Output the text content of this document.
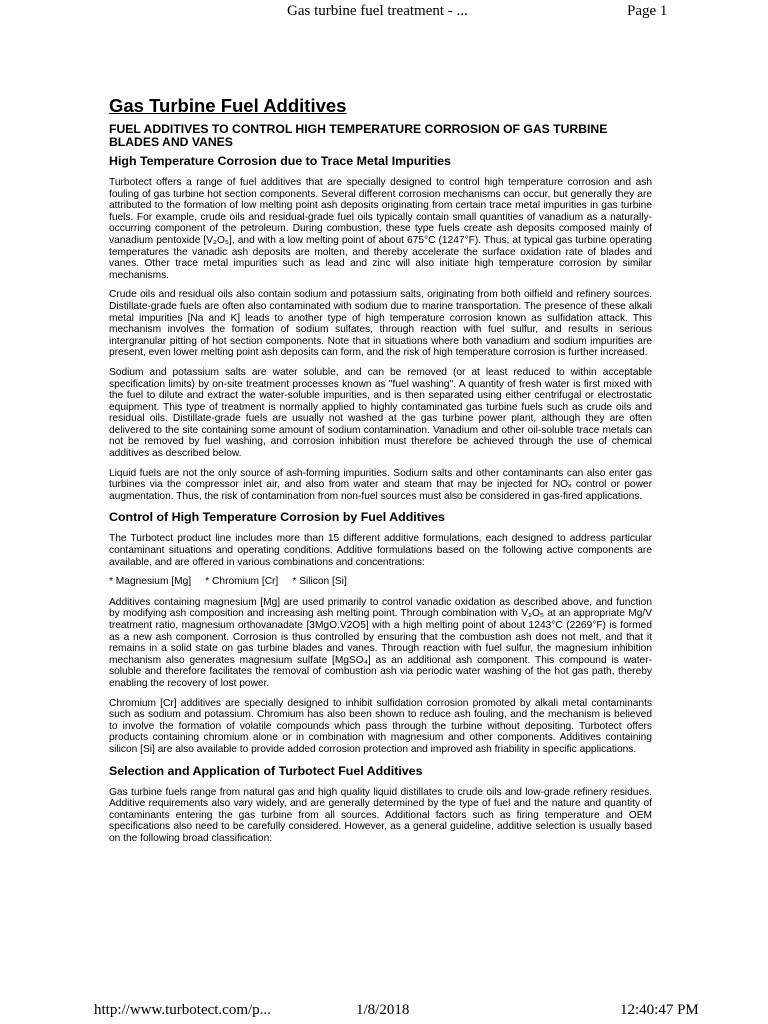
Gas turbine fuel treatment - ...	Page 1
Gas Turbine Fuel Additives
FUEL ADDITIVES TO CONTROL HIGH TEMPERATURE CORROSION OF GAS TURBINE BLADES AND VANES
High Temperature Corrosion due to Trace Metal Impurities

Turbotect offers a range of fuel additives that are specially designed to control high temperature corrosion and ash fouling of gas turbine hot section components. Several different corrosion mechanisms can occur, but generally they are attributed to the formation of low melting point ash deposits originating from certain trace metal impurities in gas turbine fuels. For example, crude oils and residual-grade fuel oils typically contain small quantities of vanadium as a naturally-occurring component of the petroleum. During combustion, these type fuels create ash deposits composed mainly of vanadium pentoxide [V₂O₅], and with a low melting point of about 675°C (1247°F). Thus, at typical gas turbine operating temperatures the vanadic ash deposits are molten, and thereby accelerate the surface oxidation rate of blades and vanes. Other trace metal impurities such as lead and zinc will also initiate high temperature corrosion by similar mechanisms.

Crude oils and residual oils also contain sodium and potassium salts, originating from both oilfield and refinery sources. Distillate-grade fuels are often also contaminated with sodium due to marine transportation. The presence of these alkali metal impurities [Na and K] leads to another type of high temperature corrosion known as sulfidation attack. This mechanism involves the formation of sodium sulfates, through reaction with fuel sulfur, and results in serious intergranular pitting of hot section components. Note that in situations where both vanadium and sodium impurities are present, even lower melting point ash deposits can form, and the risk of high temperature corrosion is further increased.

Sodium and potassium salts are water soluble, and can be removed (or at least reduced to within acceptable specification limits) by on-site treatment processes known as "fuel washing". A quantity of fresh water is first mixed with the fuel to dilute and extract the water-soluble impurities, and is then separated using either centrifugal or electrostatic equipment. This type of treatment is normally applied to highly contaminated gas turbine fuels such as crude oils and residual oils. Distillate-grade fuels are usually not washed at the gas turbine power plant, although they are often delivered to the site containing some amount of sodium contamination. Vanadium and other oil-soluble trace metals can not be removed by fuel washing, and corrosion inhibition must therefore be achieved through the use of chemical additives as described below.

Liquid fuels are not the only source of ash-forming impurities. Sodium salts and other contaminants can also enter gas turbines via the compressor inlet air, and also from water and steam that may be injected for NOₓ control or power augmentation. Thus, the risk of contamination from non-fuel sources must also be considered in gas-fired applications.

Control of High Temperature Corrosion by Fuel Additives

The Turbotect product line includes more than 15 different additive formulations, each designed to address particular contaminant situations and operating conditions. Additive formulations based on the following active components are available, and are offered in various combinations and concentrations:

* Magnesium [Mg]     * Chromium [Cr]     * Silicon [Si]

Additives containing magnesium [Mg] are used primarily to control vanadic oxidation as described above, and function by modifying ash composition and increasing ash melting point. Through combination with V₂O₅ at an appropriate Mg/V treatment ratio, magnesium orthovanadate [3MgO.V2O5] with a high melting point of about 1243°C (2269°F) is formed as a new ash component. Corrosion is thus controlled by ensuring that the combustion ash does not melt, and that it remains in a solid state on gas turbine blades and vanes. Through reaction with fuel sulfur, the magnesium inhibition mechanism also generates magnesium sulfate [MgSO₄] as an additional ash component. This compound is water-soluble and therefore facilitates the removal of combustion ash via periodic water washing of the hot gas path, thereby enabling the recovery of lost power.

Chromium [Cr] additives are specially designed to inhibit sulfidation corrosion promoted by alkali metal contaminants such as sodium and potassium. Chromium has also been shown to reduce ash fouling, and the mechanism is believed to involve the formation of volatile compounds which pass through the turbine without depositing. Turbotect offers products containing chromium alone or in combination with magnesium and other components. Additives containing silicon [Si] are also available to provide added corrosion protection and improved ash friability in specific applications.

Selection and Application of Turbotect Fuel Additives

Gas turbine fuels range from natural gas and high quality liquid distillates to crude oils and low-grade refinery residues. Additive requirements also vary widely, and are generally determined by the type of fuel and the nature and quantity of contaminants entering the gas turbine from all sources. Additional factors such as firing temperature and OEM specifications also need to be carefully considered. However, as a general guideline, additive selection is usually based on the following broad classification:

http://www.turbotect.com/p...	1/8/2018	12:40:47 PM
